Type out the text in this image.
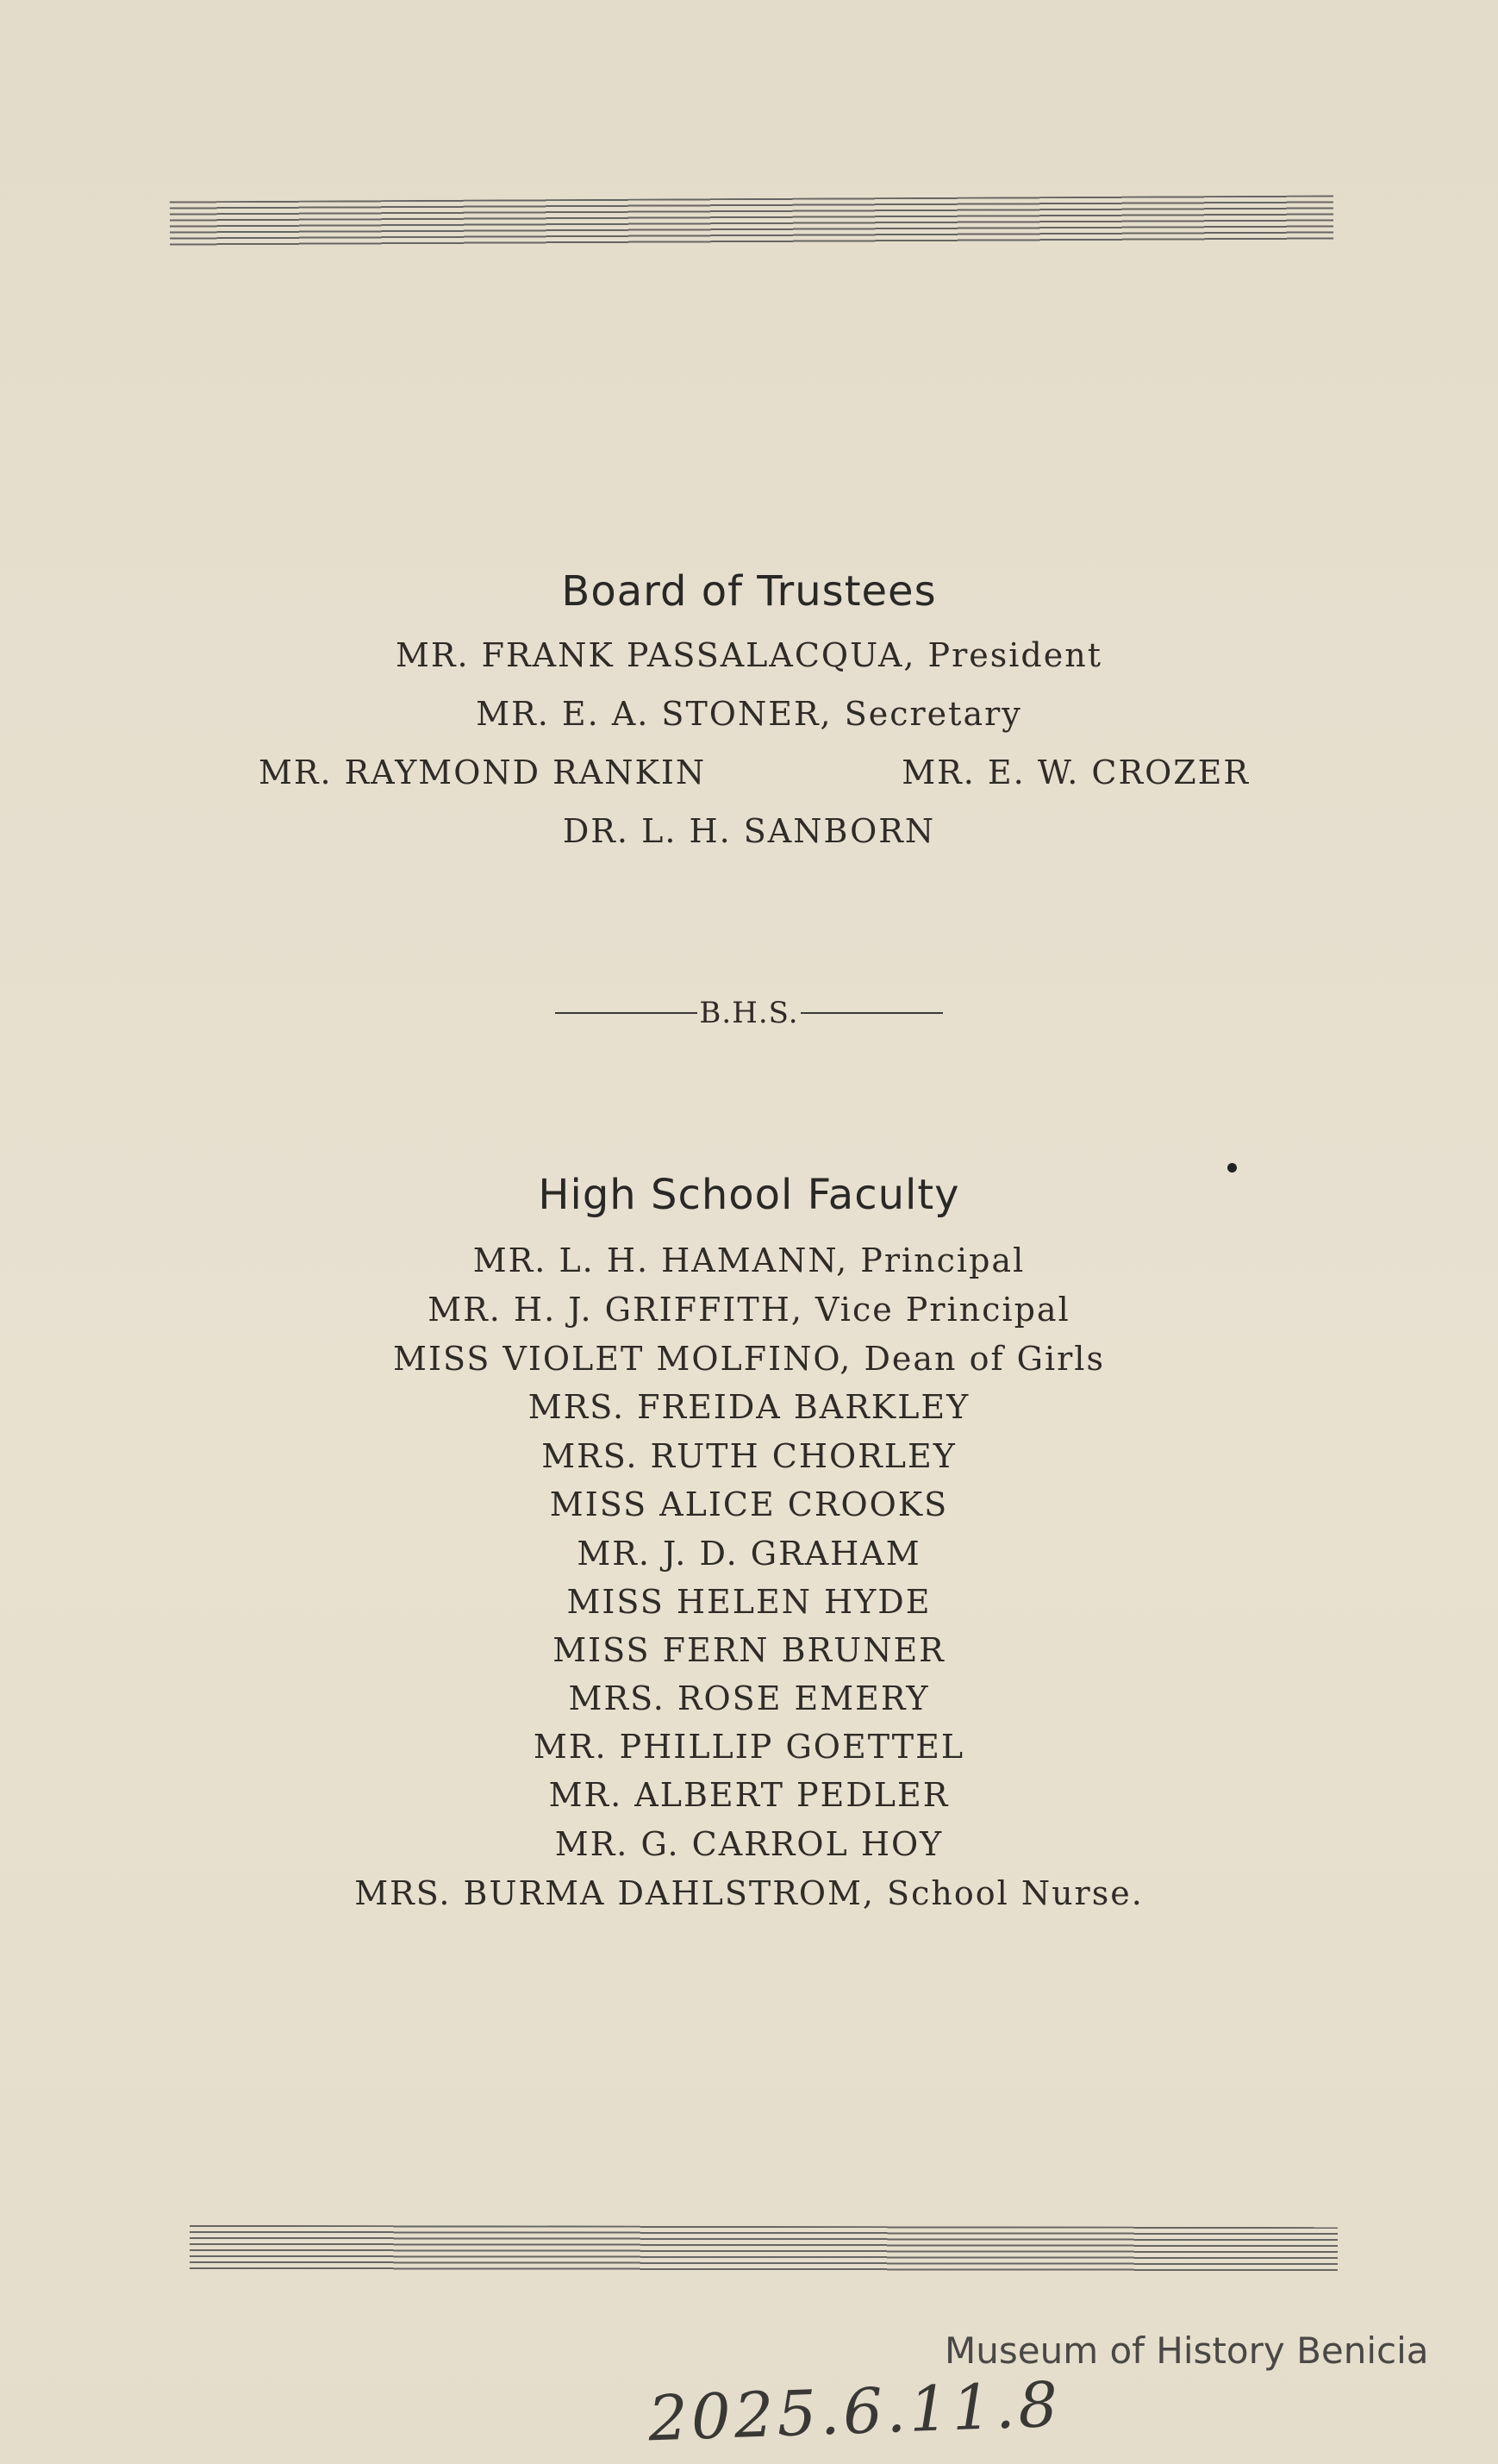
Board of Trustees
MR. FRANK PASSALACQUA, President
MR. E. A. STONER, Secretary
MR. RAYMOND RANKIN	MR. E. W. CROZER
DR. L. H. SANBORN
B.H.S.
High School Faculty
MR. L. H. HAMANN, Principal
MR. H. J. GRIFFITH, Vice Principal
MISS VIOLET MOLFINO, Dean of Girls
MRS. FREIDA BARKLEY
MRS. RUTH CHORLEY
MISS ALICE CROOKS
MR. J. D. GRAHAM
MISS HELEN HYDE
MISS FERN BRUNER
MRS. ROSE EMERY
MR. PHILLIP GOETTEL
MR. ALBERT PEDLER
MR. G. CARROL HOY
MRS. BURMA DAHLSTROM, School Nurse.
Museum of History Benicia
2025.6.11.8
